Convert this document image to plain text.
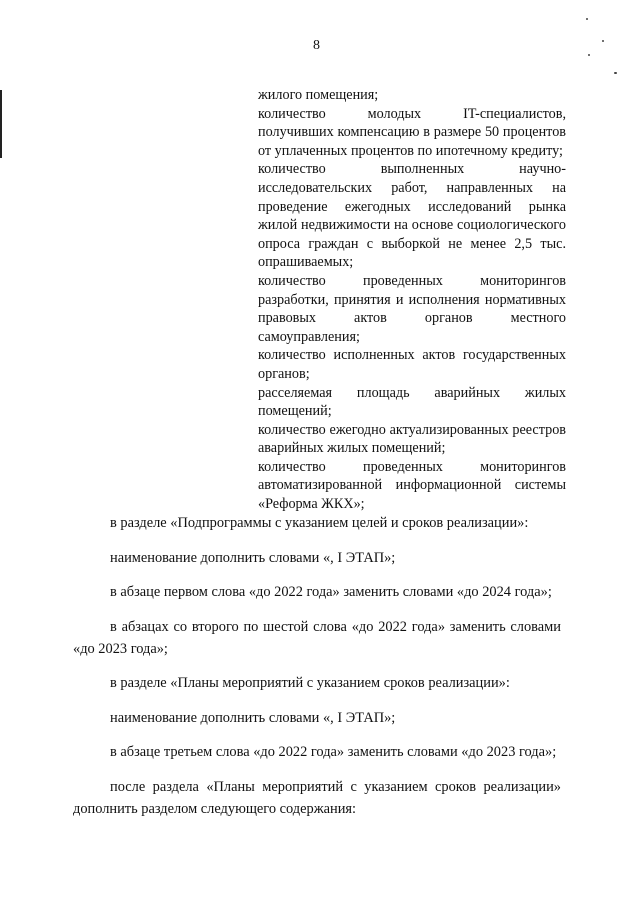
8

жилого помещения;

количество молодых IT-специалистов, получивших компенсацию в размере 50 процентов от уплаченных процентов по ипотечному кредиту;

количество выполненных научно-исследовательских работ, направленных на проведение ежегодных исследований рынка жилой недвижимости на основе социологического опроса граждан с выборкой не менее 2,5 тыс. опрашиваемых;

количество проведенных мониторингов разработки, принятия и исполнения нормативных правовых актов органов местного самоуправления;

количество исполненных актов государственных органов;

расселяемая площадь аварийных жилых помещений;

количество ежегодно актуализированных реестров аварийных жилых помещений;

количество проведенных мониторингов автоматизированной информационной системы «Реформа ЖКХ»;

в разделе «Подпрограммы с указанием целей и сроков реализации»:

наименование дополнить словами «, I ЭТАП»;

в абзаце первом слова «до 2022 года» заменить словами «до 2024 года»;

в абзацах со второго по шестой слова «до 2022 года» заменить словами «до 2023 года»;

в разделе «Планы мероприятий с указанием сроков реализации»:

наименование дополнить словами «, I ЭТАП»;

в абзаце третьем слова «до 2022 года» заменить словами «до 2023 года»;

после раздела «Планы мероприятий с указанием сроков реализации» дополнить разделом следующего содержания:
